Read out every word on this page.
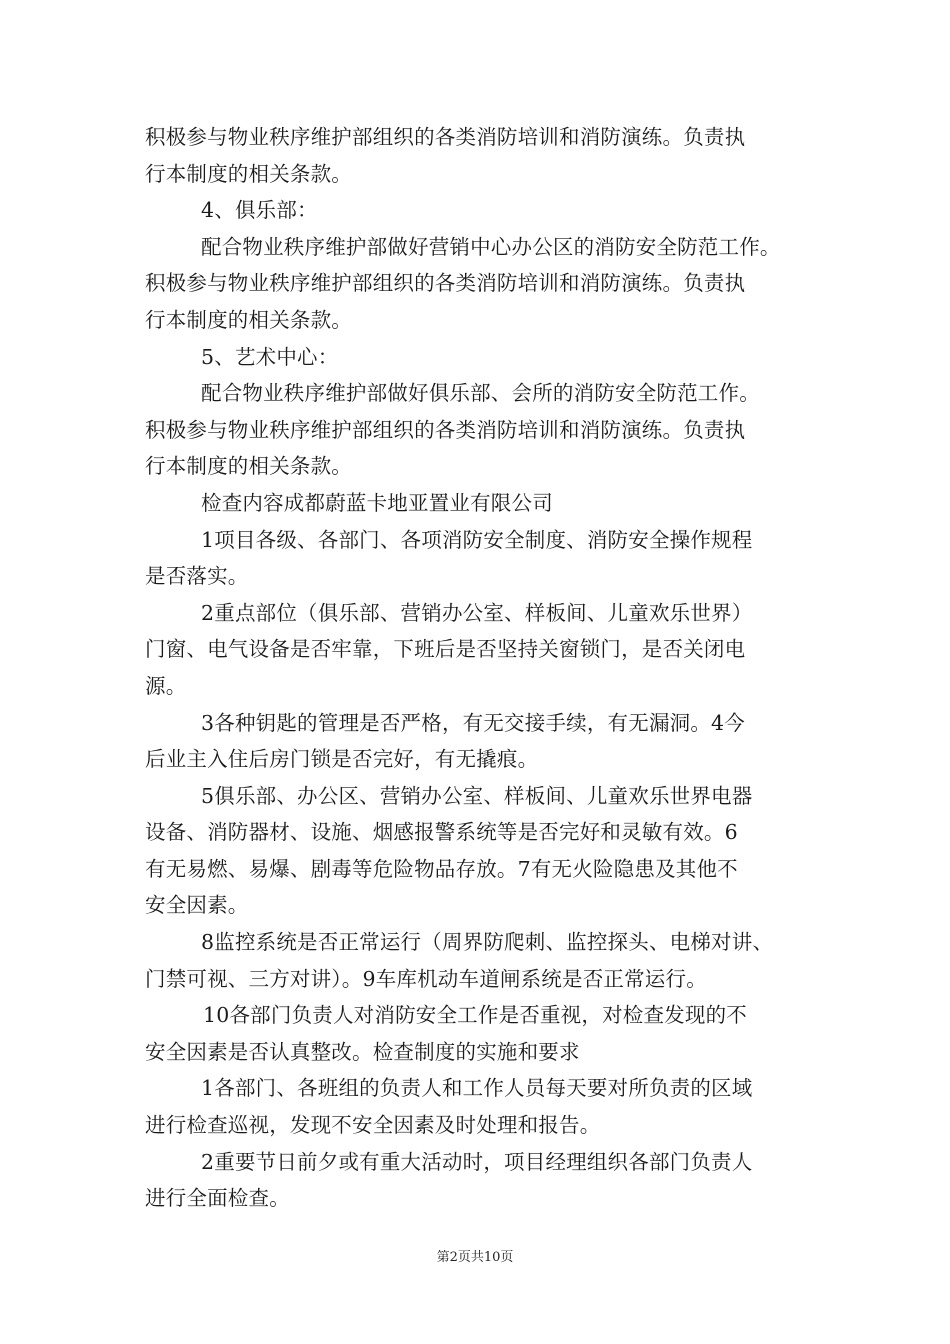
积极参与物业秩序维护部组织的各类消防培训和消防演练。负责执
行本制度的相关条款。
4、俱乐部：
配合物业秩序维护部做好营销中心办公区的消防安全防范工作。
积极参与物业秩序维护部组织的各类消防培训和消防演练。负责执
行本制度的相关条款。
5、艺术中心：
配合物业秩序维护部做好俱乐部、会所的消防安全防范工作。
积极参与物业秩序维护部组织的各类消防培训和消防演练。负责执
行本制度的相关条款。
检查内容成都蔚蓝卡地亚置业有限公司
1项目各级、各部门、各项消防安全制度、消防安全操作规程
是否落实。
2重点部位（俱乐部、营销办公室、样板间、儿童欢乐世界）
门窗、电气设备是否牢靠，下班后是否坚持关窗锁门，是否关闭电
源。
3各种钥匙的管理是否严格，有无交接手续，有无漏洞。4今
后业主入住后房门锁是否完好，有无撬痕。
5俱乐部、办公区、营销办公室、样板间、儿童欢乐世界电器
设备、消防器材、设施、烟感报警系统等是否完好和灵敏有效。6
有无易燃、易爆、剧毒等危险物品存放。7有无火险隐患及其他不
安全因素。
8监控系统是否正常运行（周界防爬刺、监控探头、电梯对讲、
门禁可视、三方对讲）。9车库机动车道闸系统是否正常运行。
10各部门负责人对消防安全工作是否重视，对检查发现的不
安全因素是否认真整改。检查制度的实施和要求
1各部门、各班组的负责人和工作人员每天要对所负责的区域
进行检查巡视，发现不安全因素及时处理和报告。
2重要节日前夕或有重大活动时，项目经理组织各部门负责人
进行全面检查。
第2页共10页
